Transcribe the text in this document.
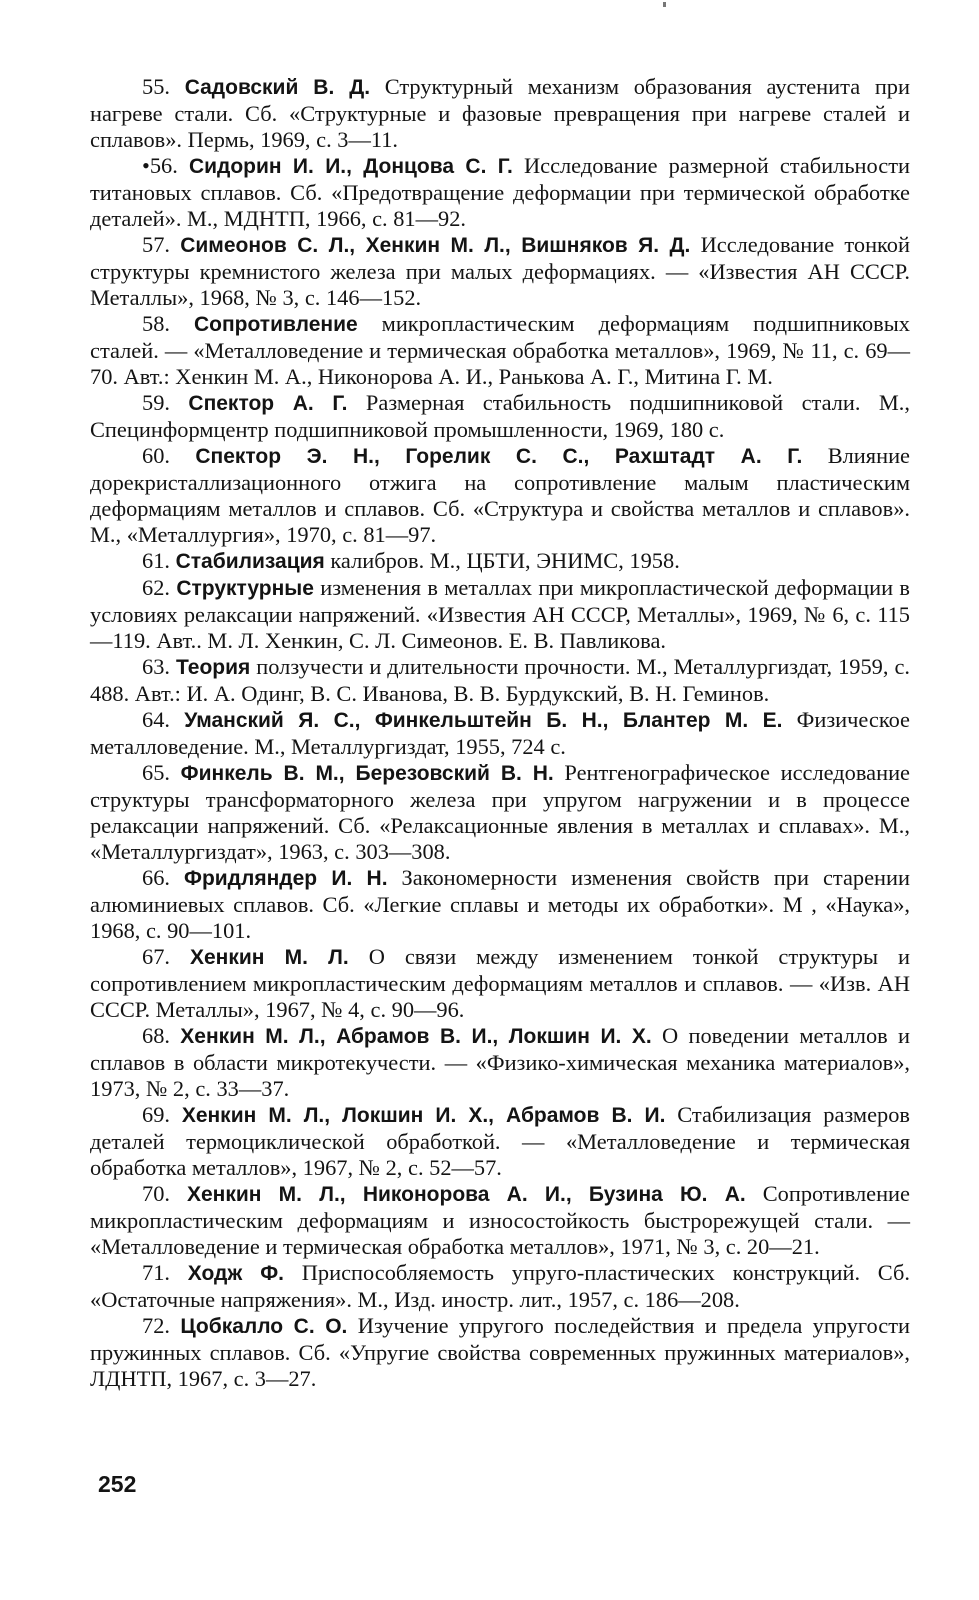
55. Садовский В. Д. Структурный механизм образования аустенита при нагреве стали. Сб. «Структурные и фазовые превращения при нагреве сталей и сплавов». Пермь, 1969, с. 3—11.
•56. Сидорин И. И., Донцова С. Г. Исследование размерной стабильности титановых сплавов. Сб. «Предотвращение деформации при термической обработке деталей». М., МДНТП, 1966, с. 81—92.
57. Симеонов С. Л., Хенкин М. Л., Вишняков Я. Д. Исследование тонкой структуры кремнистого железа при малых деформациях. — «Известия АН СССР. Металлы», 1968, № 3, с. 146—152.
58. Сопротивление микропластическим деформациям подшипниковых сталей. — «Металловедение и термическая обработка металлов», 1969, № 11, с. 69—70. Авт.: Хенкин М. А., Никонорова А. И., Ранькова А. Г., Митина Г. М.
59. Спектор А. Г. Размерная стабильность подшипниковой стали. М., Специнформцентр подшипниковой промышленности, 1969, 180 с.
60. Спектор Э. Н., Горелик С. С., Рахштадт А. Г. Влияние дорекристаллизационного отжига на сопротивление малым пластическим деформациям металлов и сплавов. Сб. «Структура и свойства металлов и сплавов». М., «Металлургия», 1970, с. 81—97.
61. Стабилизация калибров. М., ЦБТИ, ЭНИМС, 1958.
62. Структурные изменения в металлах при микропластической деформации в условиях релаксации напряжений. «Известия АН СССР, Металлы», 1969, № 6, с. 115—119. Авт.. М. Л. Хенкин, С. Л. Симеонов. Е. В. Павликова.
63. Теория ползучести и длительности прочности. М., Металлургиздат, 1959, с. 488. Авт.: И. А. Одинг, В. С. Иванова, В. В. Бурдукский, В. Н. Геминов.
64. Уманский Я. С., Финкельштейн Б. Н., Блантер М. Е. Физическое металловедение. М., Металлургиздат, 1955, 724 с.
65. Финкель В. М., Березовский В. Н. Рентгенографическое исследование структуры трансформаторного железа при упругом нагружении и в процессе релаксации напряжений. Сб. «Релаксационные явления в металлах и сплавах». М., «Металлургиздат», 1963, с. 303—308.
66. Фридляндер И. Н. Закономерности изменения свойств при старении алюминиевых сплавов. Сб. «Легкие сплавы и методы их обработки». М , «Наука», 1968, с. 90—101.
67. Хенкин М. Л. О связи между изменением тонкой структуры и сопротивлением микропластическим деформациям металлов и сплавов. — «Изв. АН СССР. Металлы», 1967, № 4, с. 90—96.
68. Хенкин М. Л., Абрамов В. И., Локшин И. Х. О поведении металлов и сплавов в области микротекучести. — «Физико-химическая механика материалов», 1973, № 2, с. 33—37.
69. Хенкин М. Л., Локшин И. Х., Абрамов В. И. Стабилизация размеров деталей термоциклической обработкой. — «Металловедение и термическая обработка металлов», 1967, № 2, с. 52—57.
70. Хенкин М. Л., Никонорова А. И., Бузина Ю. А. Сопротивление микропластическим деформациям и износостойкость быстрорежущей стали. — «Металловедение и термическая обработка металлов», 1971, № 3, с. 20—21.
71. Ходж Ф. Приспособляемость упруго-пластических конструкций. Сб. «Остаточные напряжения». М., Изд. иностр. лит., 1957, с. 186—208.
72. Цобкалло С. О. Изучение упругого последействия и предела упругости пружинных сплавов. Сб. «Упругие свойства современных пружинных материалов», ЛДНТП, 1967, с. 3—27.
252
